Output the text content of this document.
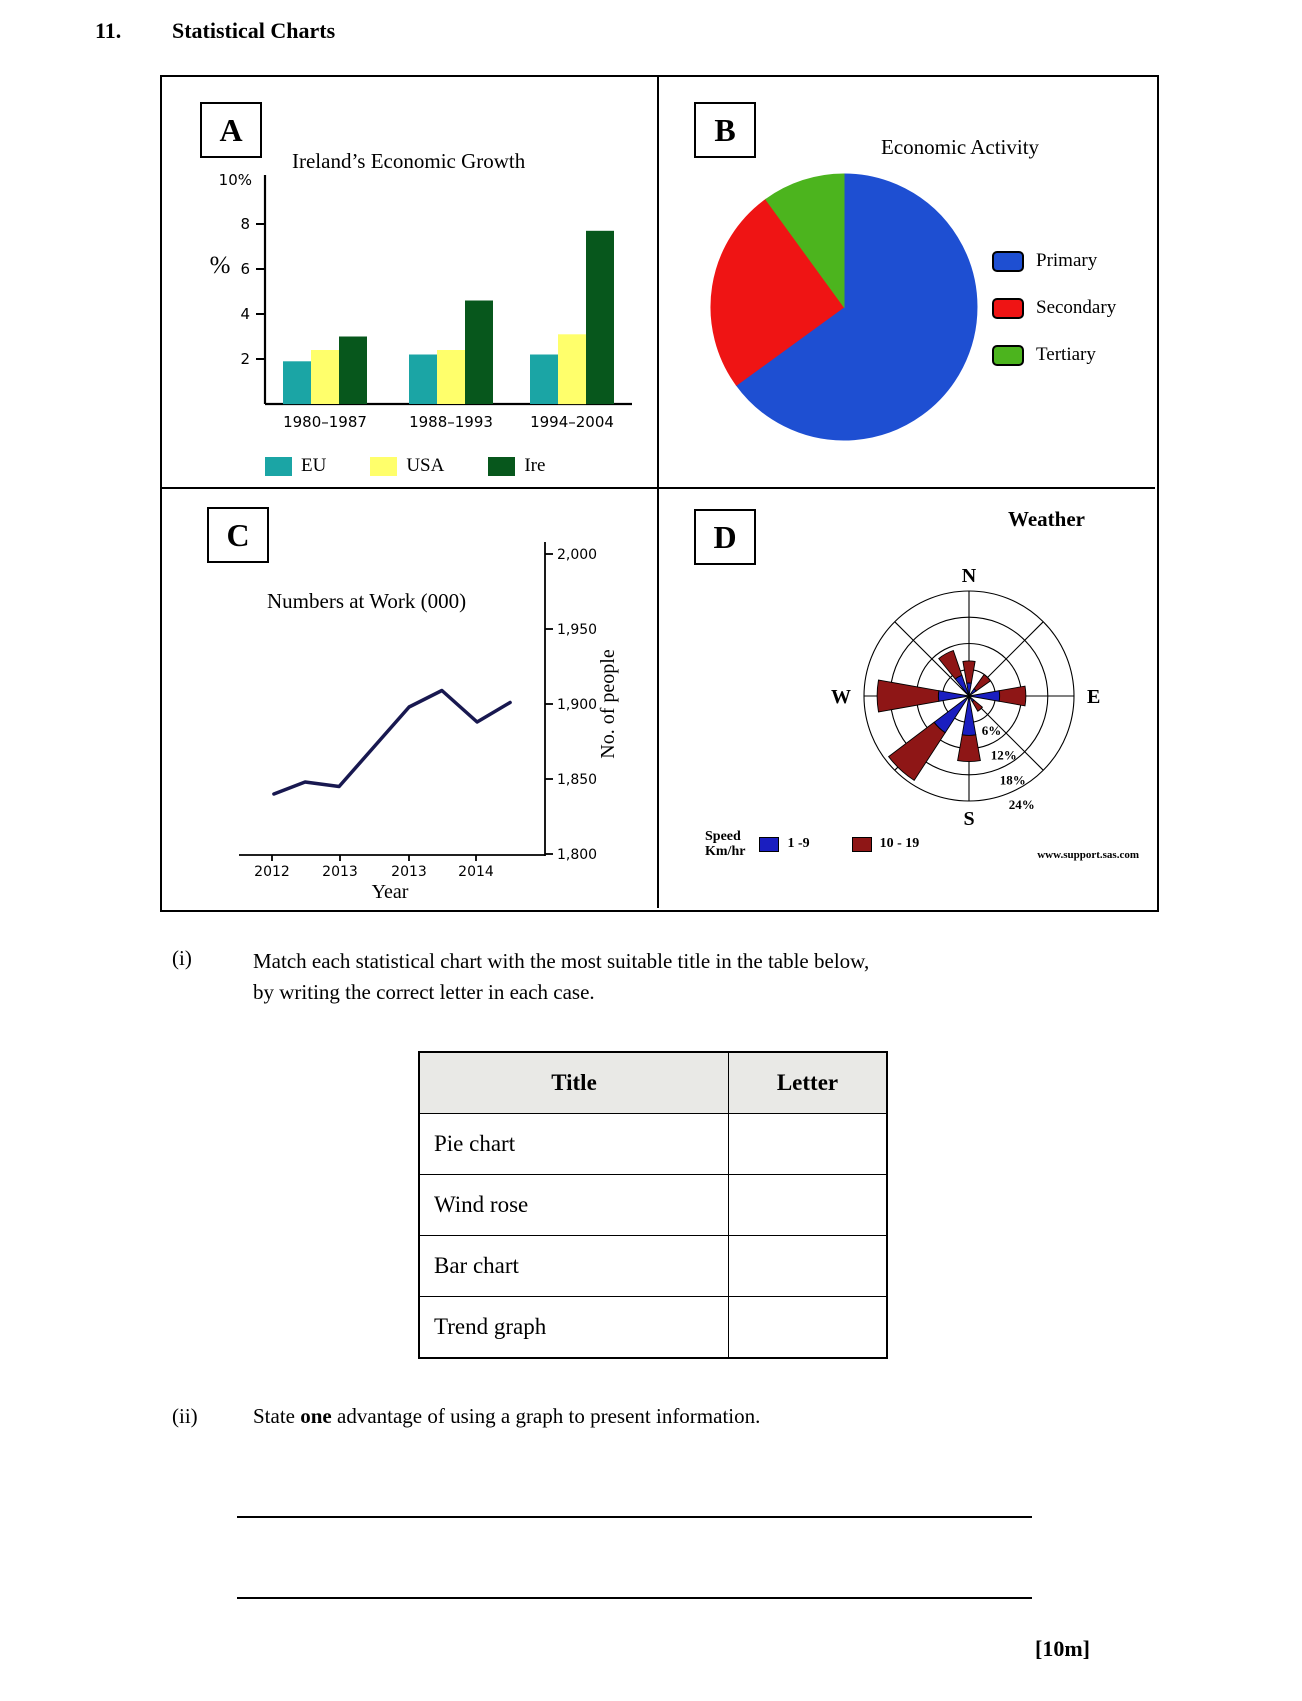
11. Statistical Charts
2
4
6
8
10%
%
1980–1987	1988–1993 1994–2004
A
Ireland’s Economic Growth
EU	USA	Ire
B	Economic Activity
Primary
Secondary
Tertiary
2,000
1,950
1,900
1,850
1,800
2012 2013 2013 2014
Year
No. of people
C
Numbers at Work (000)
N
E
S
W
6%
12%
18%
24%
D	Weather
Speed
Km/hr
1 -9	10 - 19
www.support.sas.com
(i)	Match each statistical chart with the most suitable title in the table below,
by writing the correct letter in each case.
Title	Letter
Pie chart	
Wind rose	
Bar chart	
Trend graph	
(ii)	State one advantage of using a graph to present information.
[10m]
